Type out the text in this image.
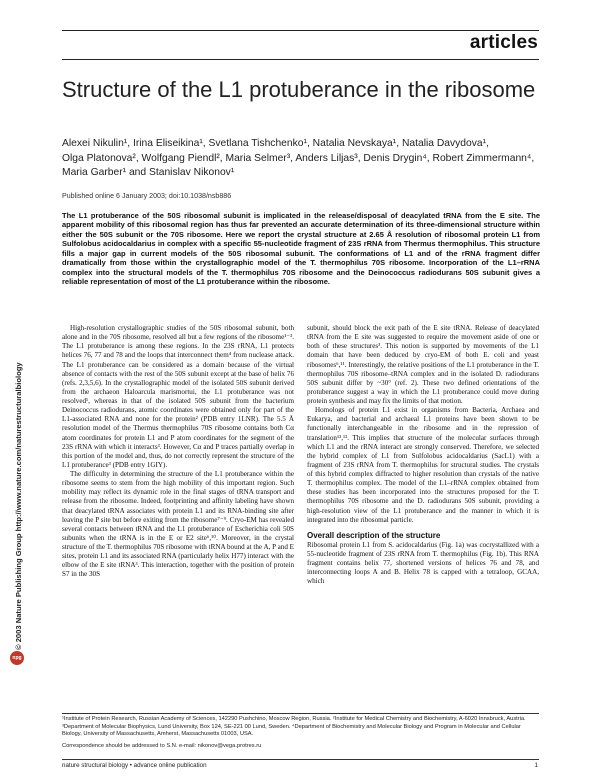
articles
Structure of the L1 protuberance in the ribosome
Alexei Nikulin¹, Irina Eliseikina¹, Svetlana Tishchenko¹, Natalia Nevskaya¹, Natalia Davydova¹,
Olga Platonova², Wolfgang Piendl², Maria Selmer³, Anders Liljas³, Denis Drygin⁴, Robert Zimmermann⁴,
Maria Garber¹ and Stanislav Nikonov¹
Published online 6 January 2003; doi:10.1038/nsb886
The L1 protuberance of the 50S ribosomal subunit is implicated in the release/disposal of deacylated tRNA from the E site. The apparent mobility of this ribosomal region has thus far prevented an accurate determination of its three-dimensional structure within either the 50S subunit or the 70S ribosome. Here we report the crystal structure at 2.65 Å resolution of ribosomal protein L1 from Sulfolobus acidocaldarius in complex with a specific 55-nucleotide fragment of 23S rRNA from Thermus thermophilus. This structure fills a major gap in current models of the 50S ribosomal subunit. The conformations of L1 and of the rRNA fragment differ dramatically from those within the crystallographic model of the T. thermophilus 70S ribosome. Incorporation of the L1–rRNA complex into the structural models of the T. thermophilus 70S ribosome and the Deinococcus radiodurans 50S subunit gives a reliable representation of most of the L1 protuberance within the ribosome.

High-resolution crystallographic studies of the 50S ribosomal subunit, both alone and in the 70S ribosome, resolved all but a few regions of the ribosome¹⁻³. The L1 protuberance is among these regions. In the 23S rRNA, L1 protects helices 76, 77 and 78 and the loops that interconnect them⁴ from nuclease attack. The L1 protuberance can be considered as a domain because of the virtual absence of contacts with the rest of the 50S subunit except at the base of helix 76 (refs. 2,3,5,6). In the crystallographic model of the isolated 50S subunit derived from the archaeon Haloarcula marismortui, the L1 protuberance was not resolved¹, whereas in that of the isolated 50S subunit from the bacterium Deinococcus radiodurans, atomic coordinates were obtained only for part of the L1-associated RNA and none for the protein² (PDB entry 1LNR). The 5.5 Å resolution model of the Thermus thermophilus 70S ribosome contains both Cα atom coordinates for protein L1 and P atom coordinates for the segment of the 23S rRNA with which it interacts³. However, Cα and P traces partially overlap in this portion of the model and, thus, do not correctly represent the structure of the L1 protuberance³ (PDB entry 1GIY).

The difficulty in determining the structure of the L1 protuberance within the ribosome seems to stem from the high mobility of this important region. Such mobility may reflect its dynamic role in the final stages of tRNA transport and release from the ribosome. Indeed, footprinting and affinity labeling have shown that deacylated tRNA associates with protein L1 and its RNA-binding site after leaving the P site but before exiting from the ribosome⁷⁻⁹. Cryo-EM has revealed several contacts between tRNA and the L1 protuberance of Escherichia coli 50S subunits when the tRNA is in the E or E2 site⁶,¹⁰. Moreover, in the crystal structure of the T. thermophilus 70S ribosome with tRNA bound at the A, P and E sites, protein L1 and its associated RNA (particularly helix H77) interact with the elbow of the E site tRNA³. This interaction, together with the position of protein S7 in the 30S

subunit, should block the exit path of the E site tRNA. Release of deacylated tRNA from the E site was suggested to require the movement aside of one or both of these structures³. This notion is supported by movements of the L1 domain that have been deduced by cryo-EM of both E. coli and yeast ribosomes⁶,¹¹. Interestingly, the relative positions of the L1 protuberance in the T. thermophilus 70S ribosome–tRNA complex and in the isolated D. radiodurans 50S subunit differ by ~30° (ref. 2). These two defined orientations of the protuberance suggest a way in which the L1 protuberance could move during protein synthesis and may fix the limits of that motion.

Homologs of protein L1 exist in organisms from Bacteria, Archaea and Eukarya, and bacterial and archaeal L1 proteins have been shown to be functionally interchangeable in the ribosome and in the repression of translation¹²,¹³. This implies that structure of the molecular surfaces through which L1 and the rRNA interact are strongly conserved. Therefore, we selected the hybrid complex of L1 from Sulfolobus acidocaldarius (SacL1) with a fragment of 23S rRNA from T. thermophilus for structural studies. The crystals of this hybrid complex diffracted to higher resolution than crystals of the native T. thermophilus complex. The model of the L1–rRNA complex obtained from these studies has been incorporated into the structures proposed for the T. thermophilus 70S ribosome and the D. radiodurans 50S subunit, providing a high-resolution view of the L1 protuberance and the manner in which it is integrated into the ribosomal particle.

Overall description of the structure

Ribosomal protein L1 from S. acidocaldarius (Fig. 1a) was cocrystallized with a 55-nucleotide fragment of 23S rRNA from T. thermophilus (Fig. 1b). This RNA fragment contains helix 77, shortened versions of helices 76 and 78, and interconnecting loops A and B. Helix 78 is capped with a tetraloop, GCAA, which

¹Institute of Protein Research, Russian Academy of Sciences, 142290 Pushchino, Moscow Region, Russia. ²Institute for Medical Chemistry and Biochemistry, A-6020 Innsbruck, Austria. ³Department of Molecular Biophysics, Lund University, Box 124, SE-221 00 Lund, Sweden. ⁴Department of Biochemistry and Molecular Biology and Program in Molecular and Cellular Biology, University of Massachusetts, Amherst, Massachusetts 01003, USA.
Correspondence should be addressed to S.N. e-mail: nikonov@vega.protres.ru
nature structural biology • advance online publication	1
© 2003 Nature Publishing Group http://www.nature.com/naturestructuralbiology
npg
